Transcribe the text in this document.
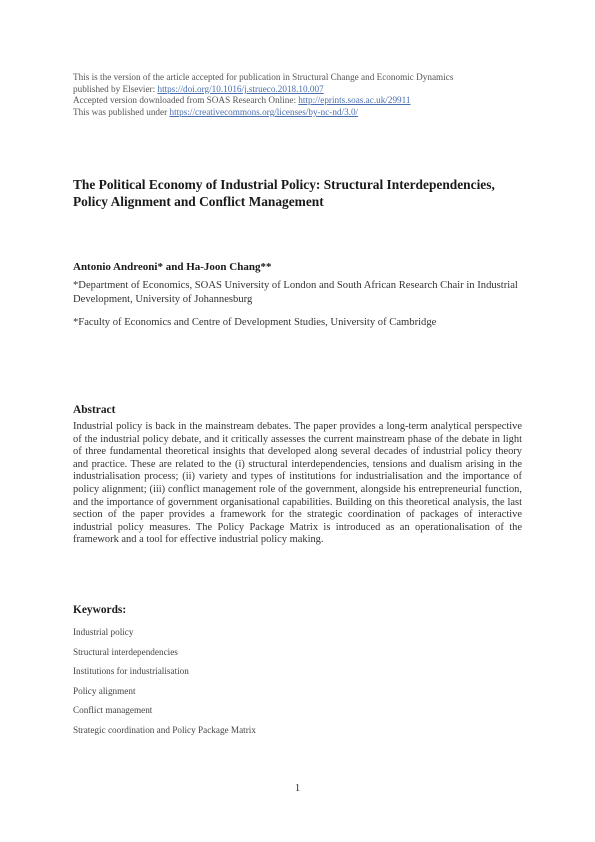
This is the version of the article accepted for publication in Structural Change and Economic Dynamics
published by Elsevier: https://doi.org/10.1016/j.strueco.2018.10.007
Accepted version downloaded from SOAS Research Online: http://eprints.soas.ac.uk/29911
This was published under https://creativecommons.org/licenses/by-nc-nd/3.0/
The Political Economy of Industrial Policy: Structural Interdependencies, Policy Alignment and Conflict Management
Antonio Andreoni* and Ha-Joon Chang**
*Department of Economics, SOAS University of London and South African Research Chair in Industrial Development, University of Johannesburg
*Faculty of Economics and Centre of Development Studies, University of Cambridge
Abstract
Industrial policy is back in the mainstream debates. The paper provides a long-term analytical perspective of the industrial policy debate, and it critically assesses the current mainstream phase of the debate in light of three fundamental theoretical insights that developed along several decades of industrial policy theory and practice. These are related to the (i) structural interdependencies, tensions and dualism arising in the industrialisation process; (ii) variety and types of institutions for industrialisation and the importance of policy alignment; (iii) conflict management role of the government, alongside his entrepreneurial function, and the importance of government organisational capabilities. Building on this theoretical analysis, the last section of the paper provides a framework for the strategic coordination of packages of interactive industrial policy measures. The Policy Package Matrix is introduced as an operationalisation of the framework and a tool for effective industrial policy making.
Keywords:
Industrial policy
Structural interdependencies
Institutions for industrialisation
Policy alignment
Conflict management
Strategic coordination and Policy Package Matrix
1
